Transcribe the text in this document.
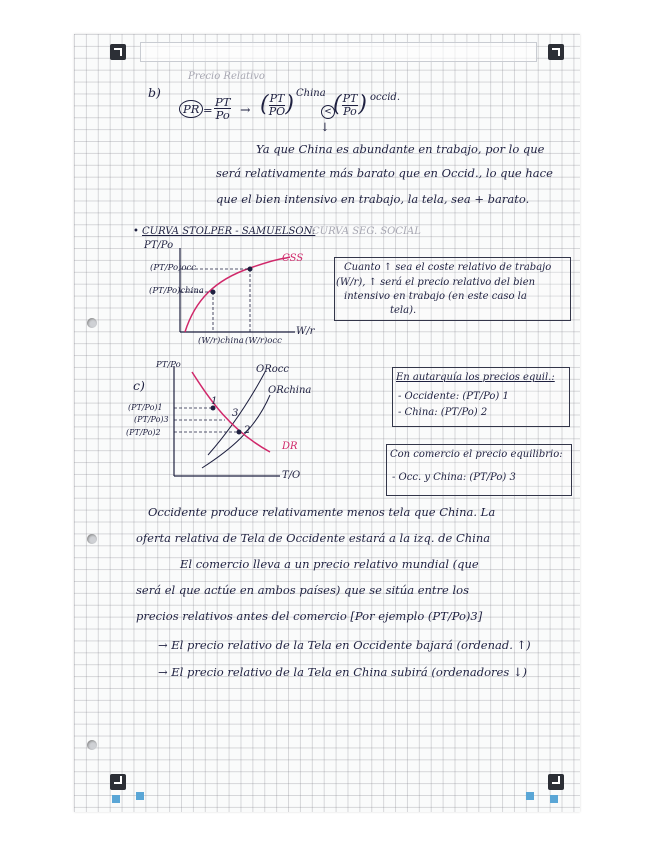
b)
Precio Relativo
PR = $\frac{PT}{Po}$ → ( $\frac{PT}{PO}$ ) China
< ( $\frac{PT}{Po}$ ) occid.
↓
Ya que China es abundante en trabajo, por lo que
será relativamente más barato que en Occid., lo que hace
que el bien intensivo en trabajo, la tela, sea + barato.
• CURVA STOLPER - SAMUELSON:
CURVA SEG. SOCIAL
PT/Po
W/r
CSS
(PT/Po)occ
(PT/Po)china
(W/r)china (W/r)occ
Cuanto ↑ sea el coste relativo de trabajo
(W/r), ↑ será el precio relativo del bien
intensivo en trabajo (en este caso la
tela).
c)
PT/Po
T/O
ORocc
ORchina
DR
1
3
2
(PT/Po)1
(PT/Po)3
(PT/Po)2
En autarquía los precios equil.:
- Occidente: (PT/Po) 1
- China: (PT/Po) 2
Con comercio el precio equilibrio:
- Occ. y China: (PT/Po) 3
Occidente produce relativamente menos tela que China. La
oferta relativa de Tela de Occidente estará a la izq. de China
El comercio lleva a un precio relativo mundial (que
será el que actúe en ambos países) que se sitúa entre los
precios relativos antes del comercio [Por ejemplo (PT/Po)3]
→ El precio relativo de la Tela en Occidente bajará (ordenad. ↑)
→ El precio relativo de la Tela en China subirá (ordenadores ↓)
